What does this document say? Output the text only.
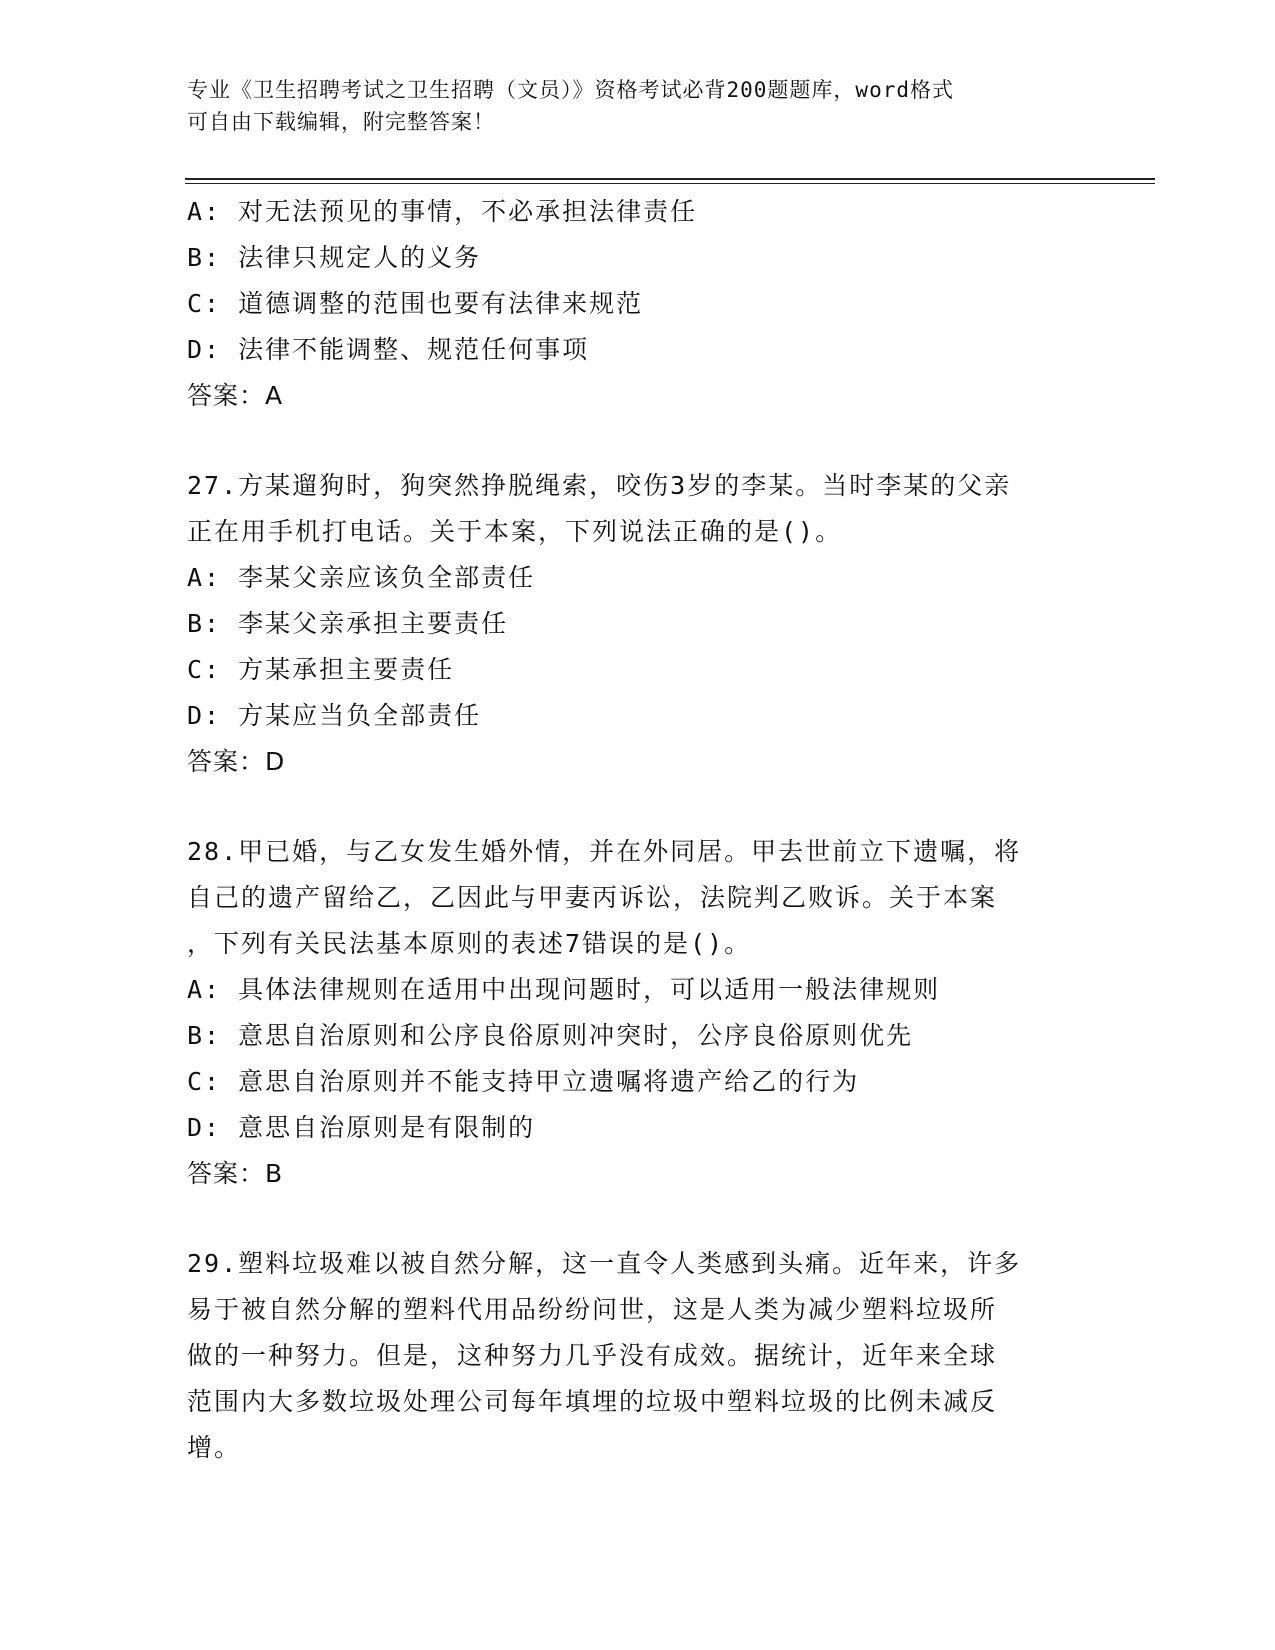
专业《卫生招聘考试之卫生招聘（文员）》资格考试必背200题题库，word格式
可自由下载编辑，附完整答案！
A: 对无法预见的事情，不必承担法律责任
B: 法律只规定人的义务
C: 道德调整的范围也要有法律来规范
D: 法律不能调整、规范任何事项
答案：A
27.方某遛狗时，狗突然挣脱绳索，咬伤3岁的李某。当时李某的父亲
正在用手机打电话。关于本案，下列说法正确的是()。
A: 李某父亲应该负全部责任
B: 李某父亲承担主要责任
C: 方某承担主要责任
D: 方某应当负全部责任
答案：D
28.甲已婚，与乙女发生婚外情，并在外同居。甲去世前立下遗嘱，将
自己的遗产留给乙，乙因此与甲妻丙诉讼，法院判乙败诉。关于本案
，下列有关民法基本原则的表述7错误的是()。
A: 具体法律规则在适用中出现问题时，可以适用一般法律规则
B: 意思自治原则和公序良俗原则冲突时，公序良俗原则优先
C: 意思自治原则并不能支持甲立遗嘱将遗产给乙的行为
D: 意思自治原则是有限制的
答案：B
29.塑料垃圾难以被自然分解，这一直令人类感到头痛。近年来，许多
易于被自然分解的塑料代用品纷纷问世，这是人类为减少塑料垃圾所
做的一种努力。但是，这种努力几乎没有成效。据统计，近年来全球
范围内大多数垃圾处理公司每年填埋的垃圾中塑料垃圾的比例未减反
增。
